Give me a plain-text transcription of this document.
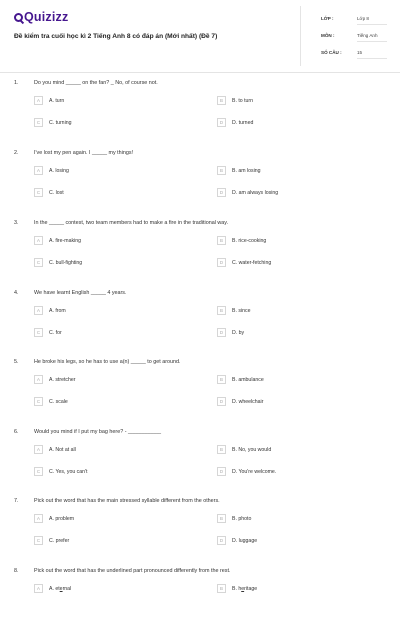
Quizizz
Đề kiểm tra cuối học kì 2 Tiếng Anh 8 có đáp án (Mới nhất) (Đề 7)
LỚP :	Lớp 8
MÔN :	Tiếng Anh
SỐ CÂU :	15
1.	Do you mind _____ on the fan? _ No, of course not.
A	A. turn	B	B. to turn
C	C. turning	D	D. turned
2.	I've lost my pen again. I _____ my things!
A	A. losing	B	B. am losing
C	C. lost	D	D. am always losing
3.	In the _____ contest, two team members had to make a fire in the traditional way.
A	A. fire-making	B	B. rice-cooking
C	C. bull-fighting	D	C. water-fetching
4.	We have learnt English _____ 4 years.
A	A. from	B	B. since
C	C. for	D	D. by
5.	He broke his legs, so he has to use a(n) _____ to get around.
A	A. stretcher	B	B. ambulance
C	C. scale	D	D. wheelchair
6.	Would you mind if I put my bag here? - ___________
A	A. Not at all	B	B. No, you would
C	C. Yes, you can't	D	D. You're welcome.
7.	Pick out the word that has the main stressed syllable different from the others.
A	A. problem	B	B. photo
C	C. prefer	D	D. luggage
8.	Pick out the word that has the underlined part pronounced differently from the rest.
A	A. eternal	B	B. heritage
